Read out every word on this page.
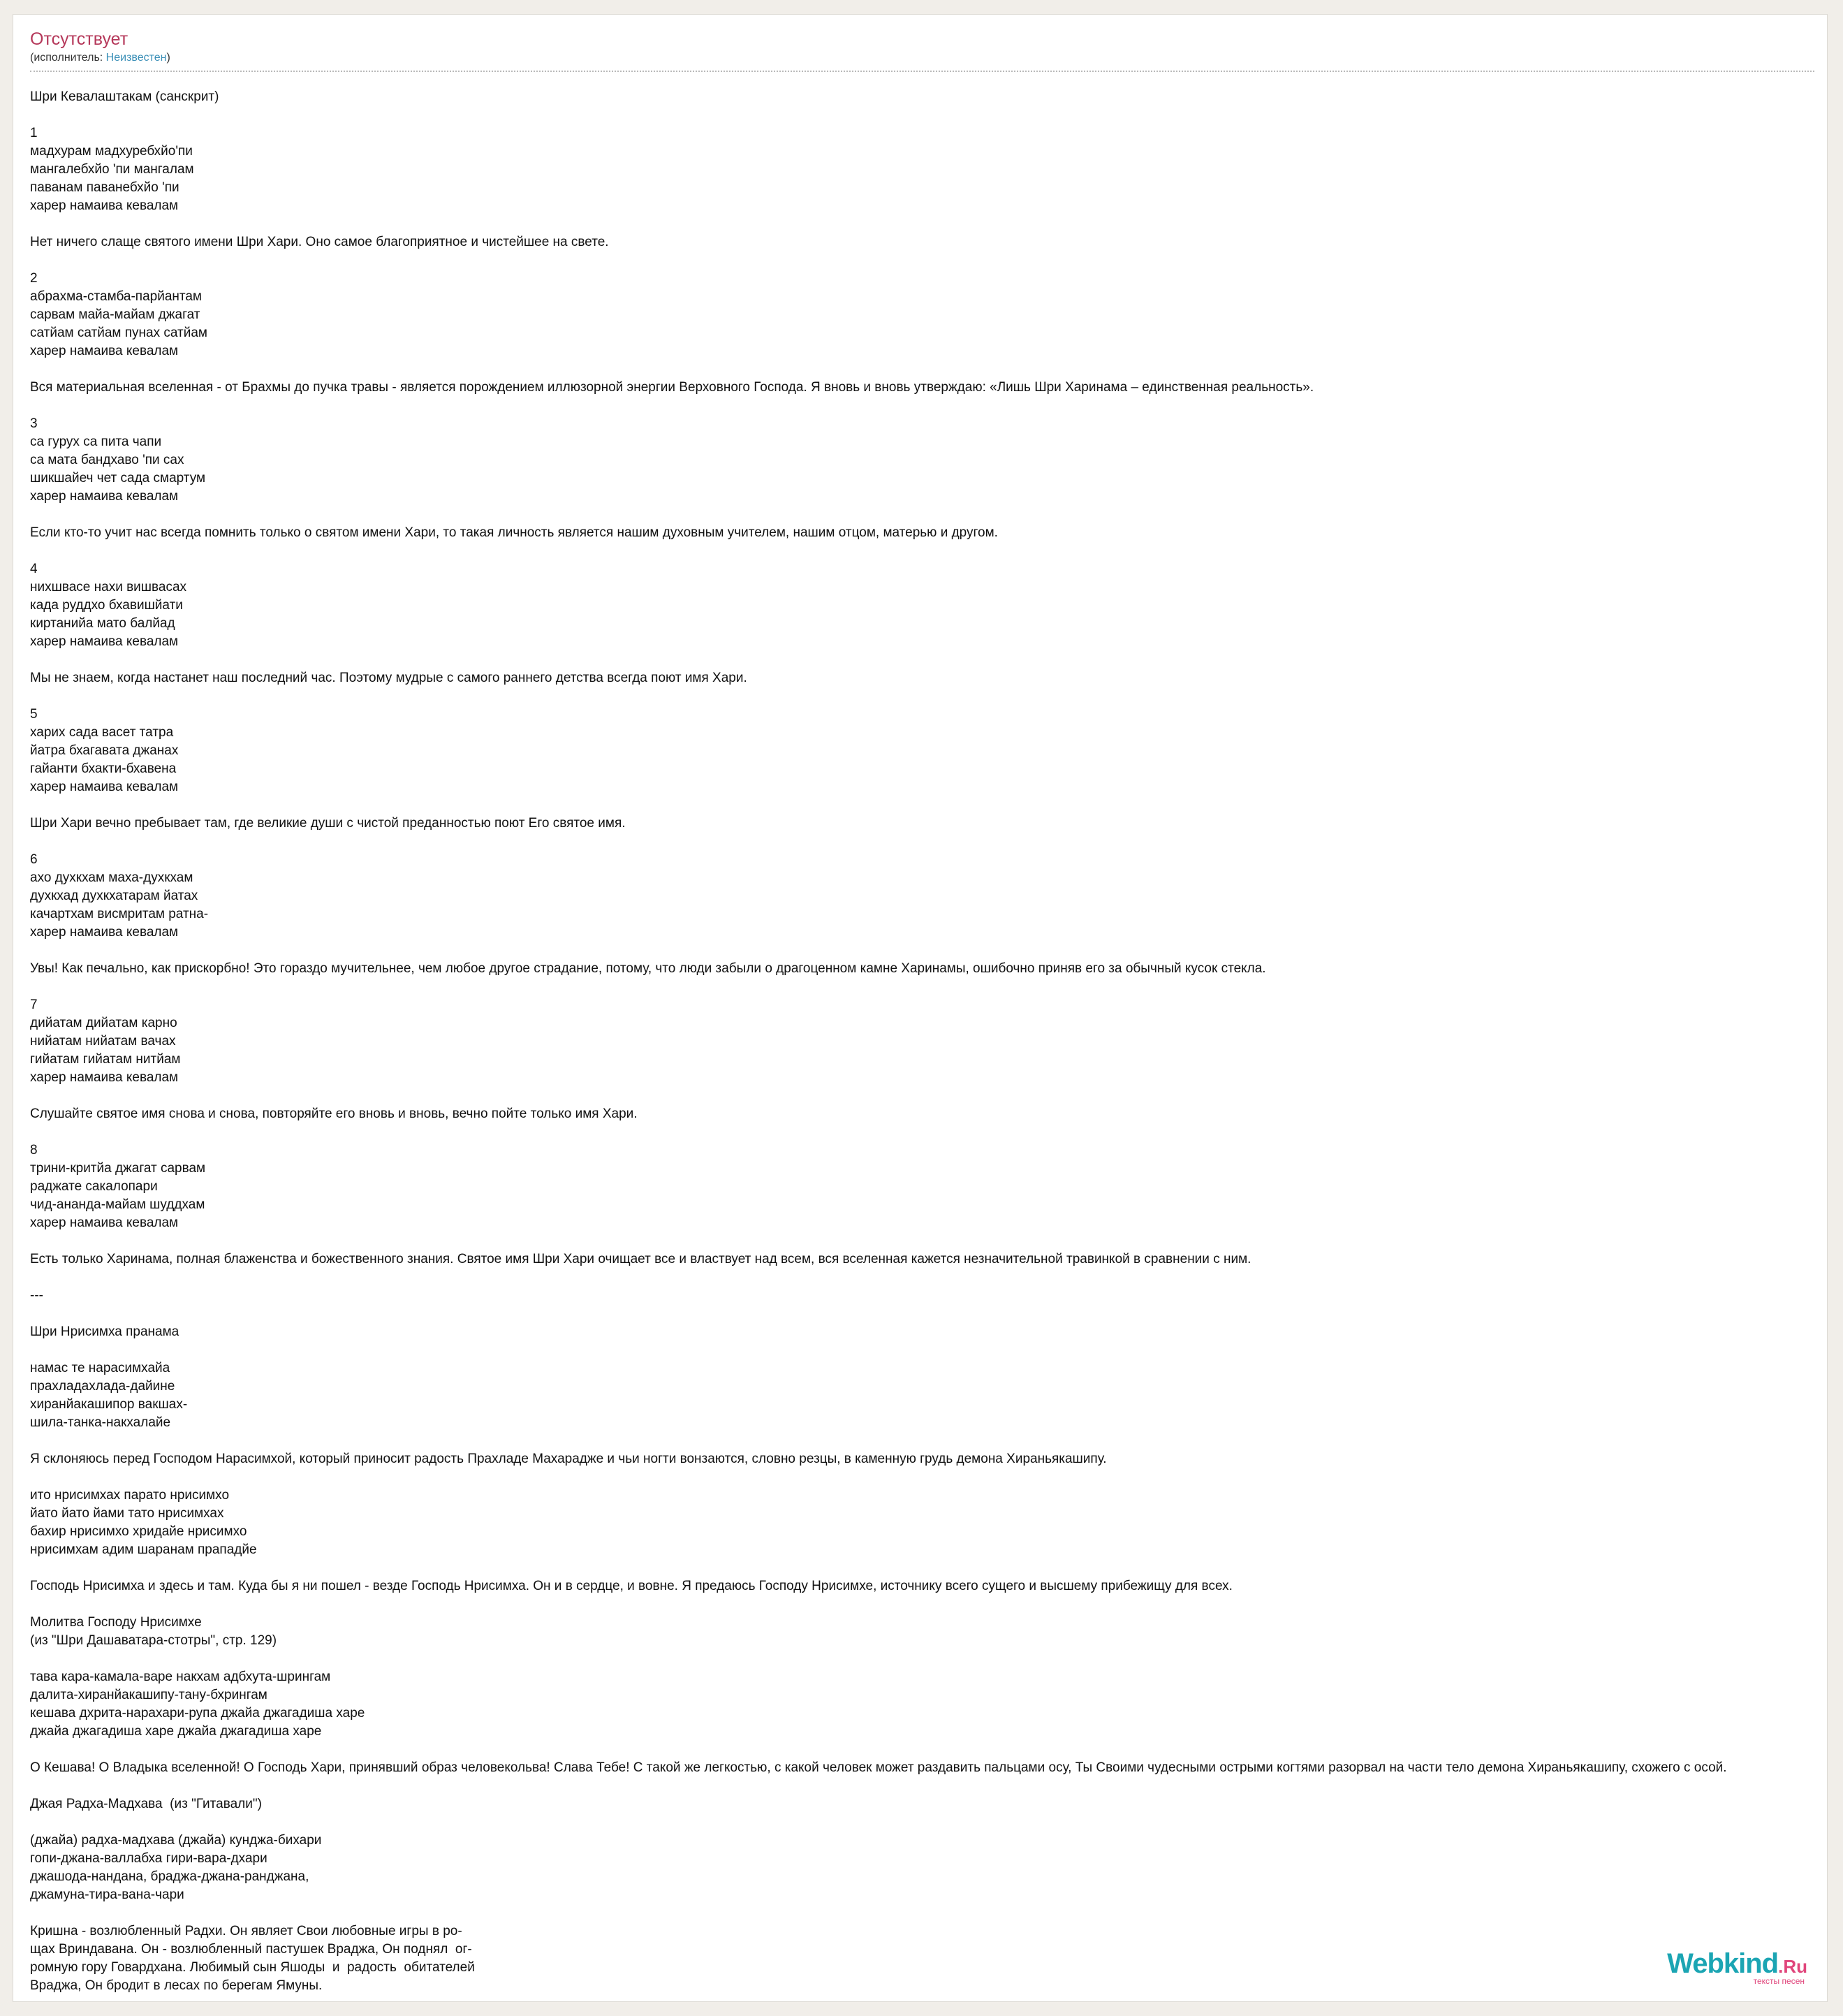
Отсутствует
(исполнитель: Неизвестен)
Шри Кевалаштакам (санскрит)

1
мадхурам мадхуребхйо'пи
мангалебхйо 'пи мангалам
паванам паванебхйо 'пи
харер намаива кевалам

Нет ничего слаще святого имени Шри Хари. Оно самое благоприятное и чистейшее на свете.

2
абрахма-стамба-парйантам
сарвам майа-майам джагат
сатйам сатйам пунах сатйам
харер намаива кевалам

Вся материальная вселенная - от Брахмы до пучка травы - является порождением иллюзорной энергии Верховного Господа. Я вновь и вновь утверждаю: «Лишь Шри Харинама – единственная реальность».

3
са гурух са пита чапи
са мата бандхаво 'пи сах
шикшайеч чет сада смартум
харер намаива кевалам

Если кто-то учит нас всегда помнить только о святом имени Хари, то такая личность является нашим духовным учителем, нашим отцом, матерью и другом.

4
нихшвасе нахи вишвасах
када руддхо бхавишйати
киртанийа мато балйад
харер намаива кевалам

Мы не знаем, когда настанет наш последний час. Поэтому мудрые с самого раннего детства всегда поют имя Хари.

5
харих сада васет татра
йатра бхагавата джанах
гайанти бхакти-бхавена
харер намаива кевалам

Шри Хари вечно пребывает там, где великие души с чистой преданностью поют Его святое имя.

6
ахо духкхам маха-духкхам
духкхад духкхатарам йатах
качартхам висмритам ратна-
харер намаива кевалам

Увы! Как печально, как прискорбно! Это гораздо мучительнее, чем любое другое страдание, потому, что люди забыли о драгоценном камне Харинамы, ошибочно приняв его за обычный кусок стекла.

7
дийатам дийатам карно
нийатам нийатам вачах
гийатам гийатам нитйам
харер намаива кевалам

Слушайте святое имя снова и снова, повторяйте его вновь и вновь, вечно пойте только имя Хари.

8
трини-критйа джагат сарвам
раджате сакалопари
чид-ананда-майам шуддхам
харер намаива кевалам

Есть только Харинама, полная блаженства и божественного знания. Святое имя Шри Хари очищает все и властвует над всем, вся вселенная кажется незначительной травинкой в сравнении с ним.

---

Шри Нрисимха пранама

намас те нарасимхайа
прахладахлада-дайине
хиранйакашипор вакшах-
шила-танка-накхалайе

Я склоняюсь перед Господом Нарасимхой, который приносит радость Прахладе Махарадже и чьи ногти вонзаются, словно резцы, в каменную грудь демона Хираньякашипу.

ито нрисимхах парато нрисимхо
йато йато йами тато нрисимхах
бахир нрисимхо хридайе нрисимхо
нрисимхам адим шаранам прападйе

Господь Нрисимха и здесь и там. Куда бы я ни пошел - везде Господь Нрисимха. Он и в сердце, и вовне. Я предаюсь Господу Нрисимхе, источнику всего сущего и высшему прибежищу для всех.

Молитва Господу Нрисимхе
(из "Шри Дашаватара-стотры", стр. 129)

тава кара-камала-варе накхам адбхута-шрингам
далита-хиранйакашипу-тану-бхрингам
кешава дхрита-нарахари-рупа джайа джагадиша харе
джайа джагадиша харе джайа джагадиша харе

О Кешава! О Владыка вселенной! О Господь Хари, принявший образ человекольва! Слава Тебе! С такой же легкостью, с какой человек может раздавить пальцами осу, Ты Своими чудесными острыми когтями разорвал на части тело демона Хираньякашипу, схожего с осой.

Джая Радха-Мадхава  (из "Гитавали")

(джайа) радха-мадхава (джайа) кунджа-бихари
гопи-джана-валлабха гири-вара-дхари
джашода-нандана, браджа-джана-ранджана,
джамуна-тира-вана-чари

Кришна - возлюбленный Радхи. Он являет Свои любовные игры в ро-
щах Вриндавана. Он - возлюбленный пастушек Враджа, Он поднял  ог-
ромную гору Говардхана. Любимый сын Яшоды  и  радость  обитателей
Враджа, Он бродит в лесах по берегам Ямуны.
Webkind.Ru
тексты песен
